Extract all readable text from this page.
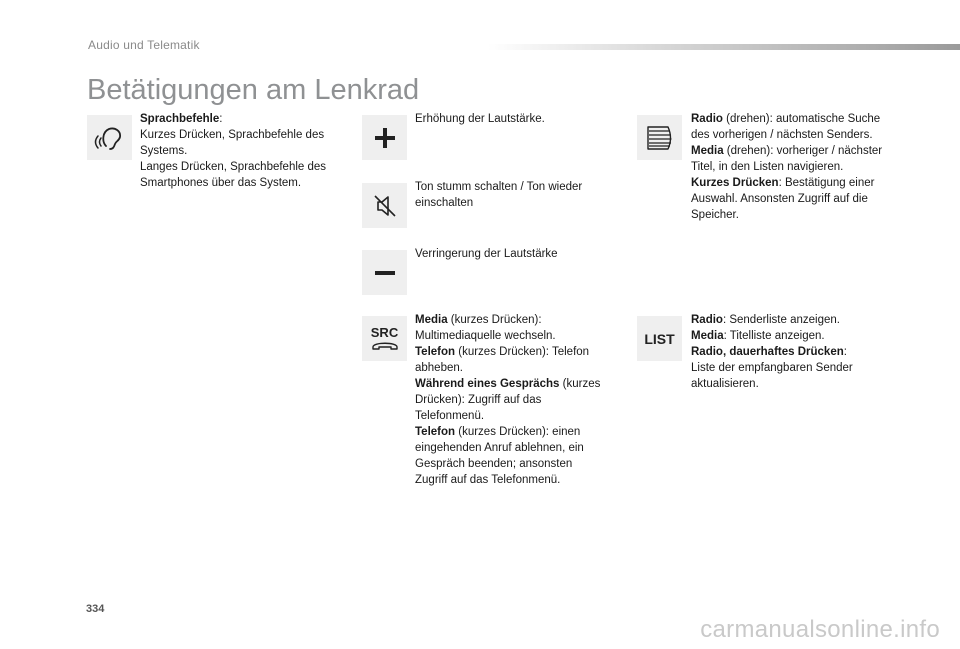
Audio und Telematik
Betätigungen am Lenkrad

Sprachbefehle:

Kurzes Drücken, Sprachbefehle des Systems.

Langes Drücken, Sprachbefehle des Smartphones über das System.

Erhöhung der Lautstärke.
Ton stumm schalten / Ton wieder einschalten
Verringerung der Lautstärke
SRC

Media (kurzes Drücken): Multimediaquelle wechseln.

Telefon (kurzes Drücken): Telefon abheben.

Während eines Gesprächs (kurzes Drücken): Zugriff auf das Telefonmenü.

Telefon (kurzes Drücken): einen eingehenden Anruf ablehnen, ein Gespräch beenden; ansonsten Zugriff auf das Telefonmenü.

Radio (drehen): automatische Suche des vorherigen / nächsten Senders.

Media (drehen): vorheriger / nächster Titel, in den Listen navigieren.

Kurzes Drücken: Bestätigung einer Auswahl. Ansonsten Zugriff auf die Speicher.

LIST

Radio: Senderliste anzeigen.

Media: Titelliste anzeigen.

Radio, dauerhaftes Drücken:

Liste der empfangbaren Sender aktualisieren.

334
carmanualsonline.info
